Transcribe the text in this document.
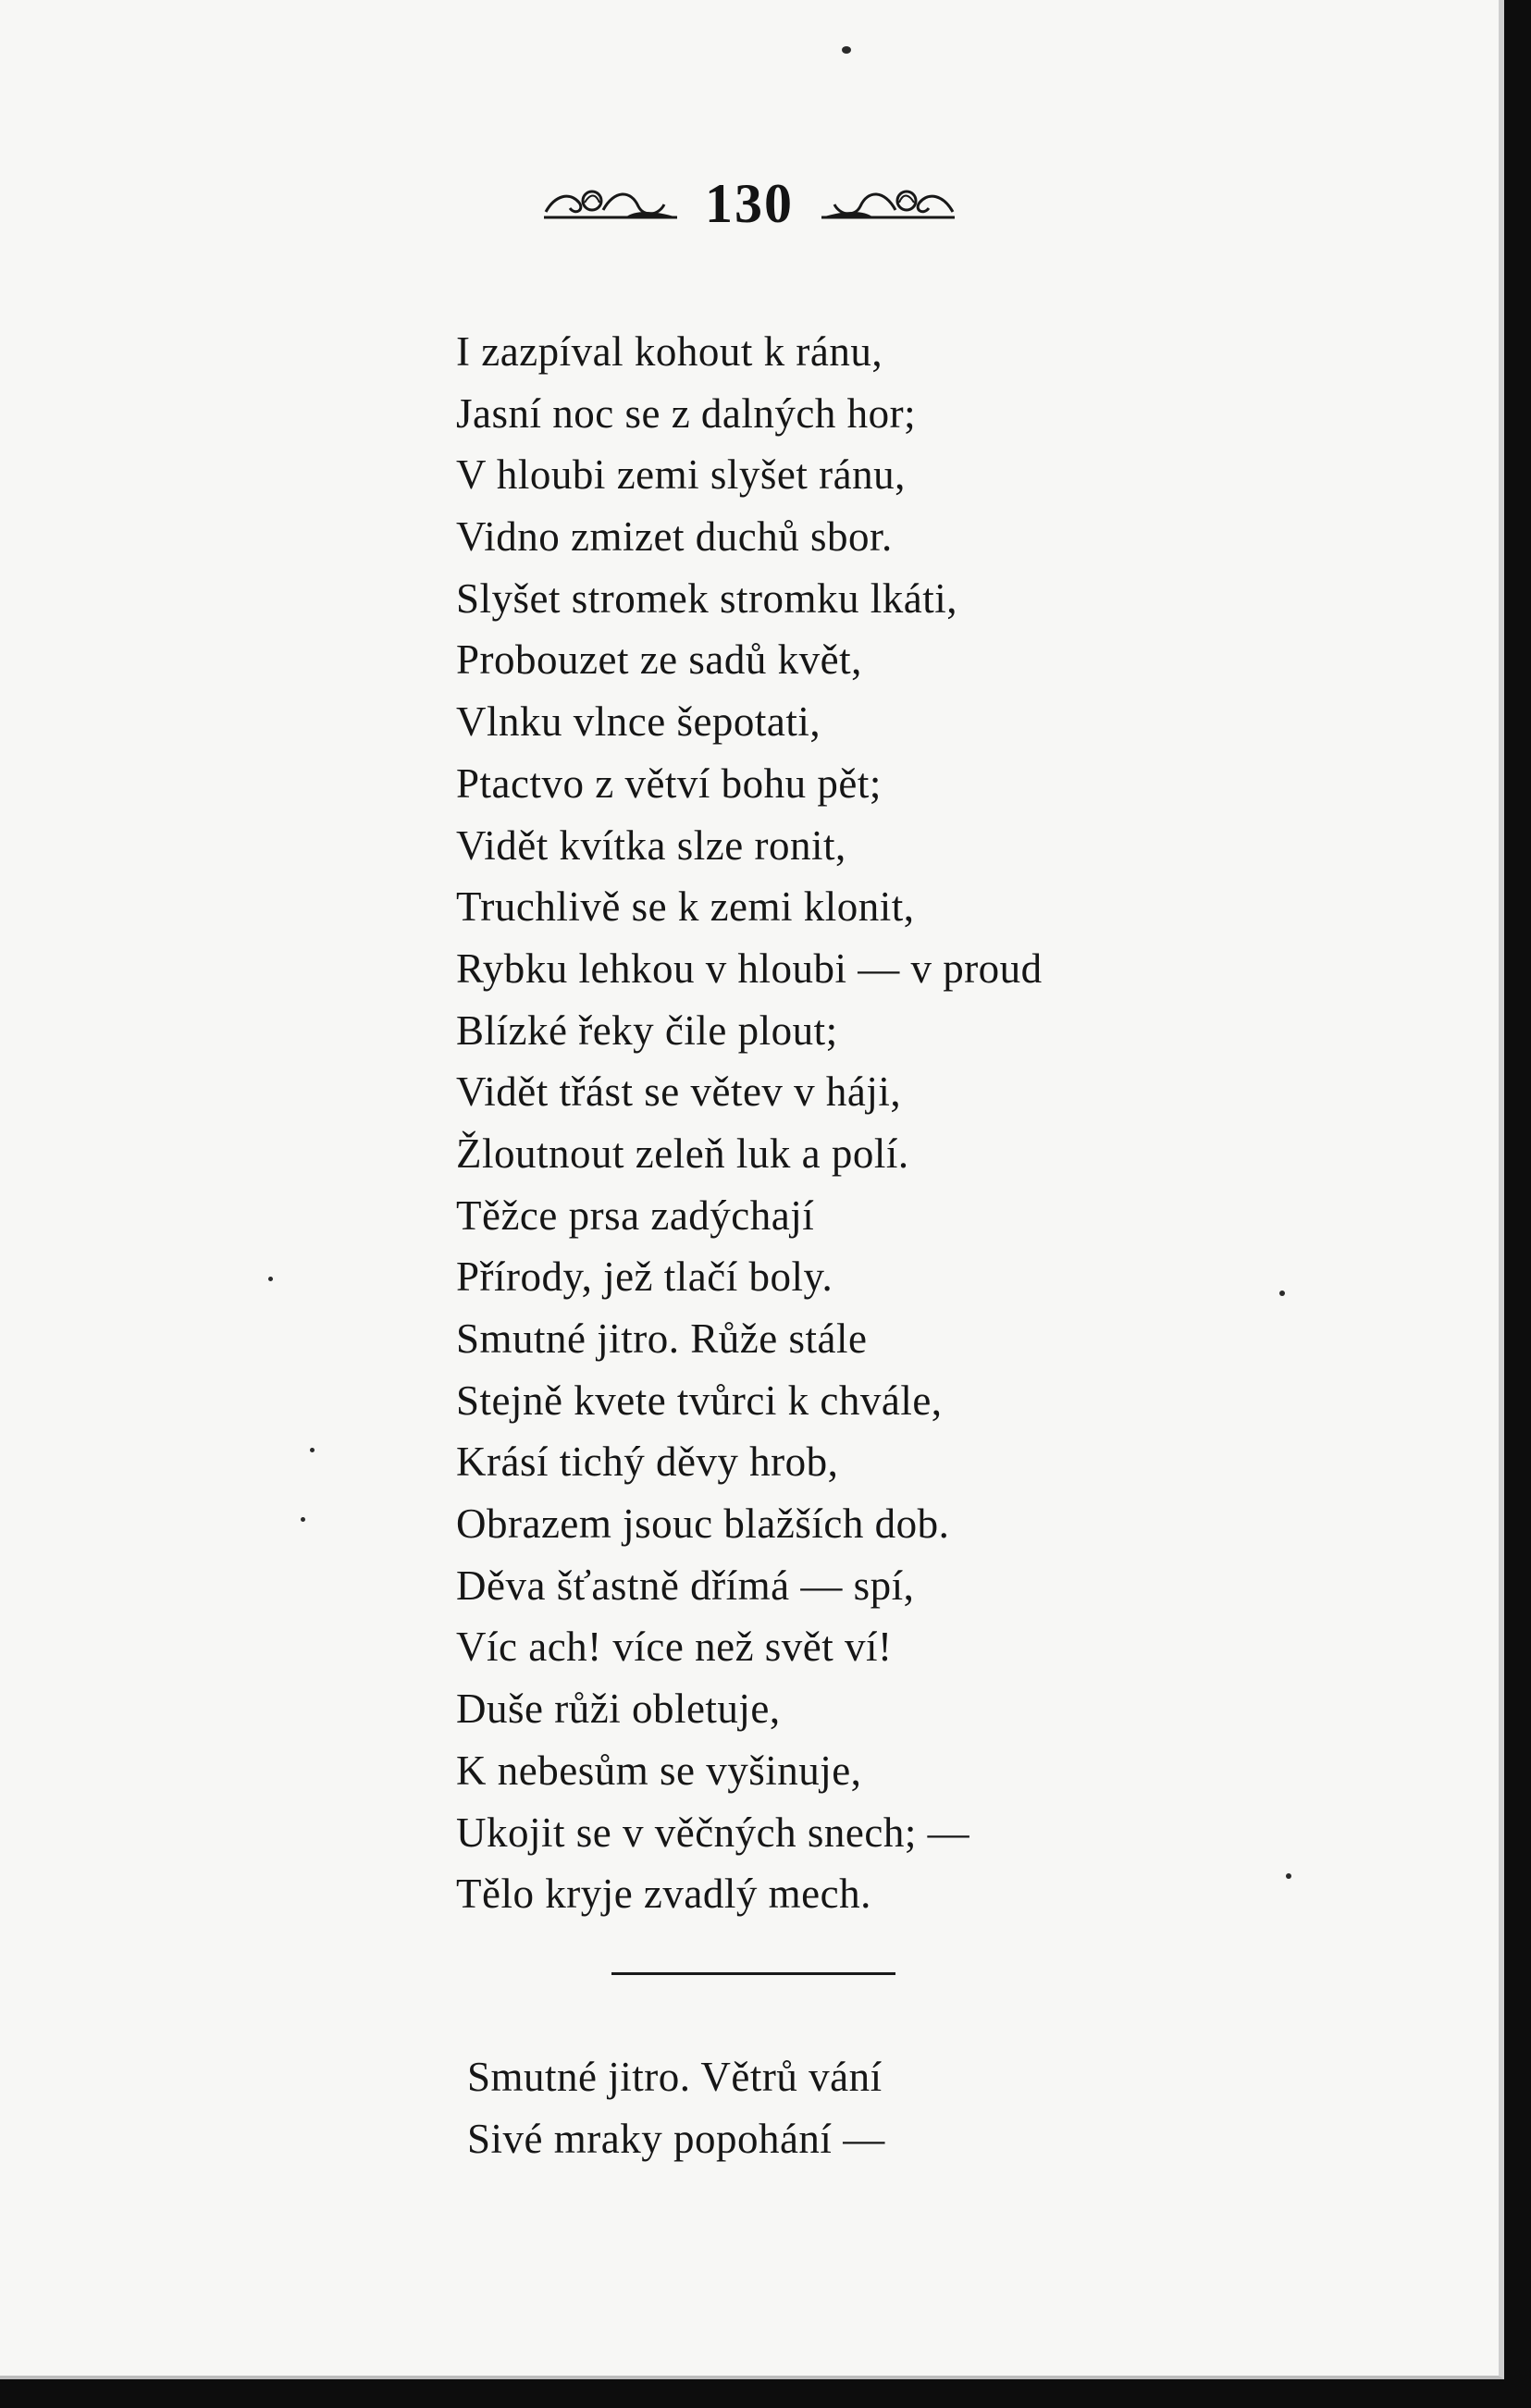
130
I zazpíval kohout k ránu,
Jasní noc se z dalných hor;
V hloubi zemi slyšet ránu,
Vidno zmizet duchů sbor.
Slyšet stromek stromku lkáti,
Probouzet ze sadů květ,
Vlnku vlnce šepotati,
Ptactvo z větví bohu pět;
Vidět kvítka slze ronit,
Truchlivě se k zemi klonit,
Rybku lehkou v hloubi — v proud
Blízké řeky čile plout;
Vidět třást se větev v háji,
Žloutnout zeleň luk a polí.
Těžce prsa zadýchají
Přírody, jež tlačí boly.
Smutné jitro. Růže stále
Stejně kvete tvůrci k chvále,
Krásí tichý děvy hrob,
Obrazem jsouc blažších dob.
Děva šťastně dřímá — spí,
Víc ach! více než svět ví!
Duše růži obletuje,
K nebesům se vyšinuje,
Ukojit se v věčných snech; —
Tělo kryje zvadlý mech.
Smutné jitro. Větrů vání
Sivé mraky popohání —
